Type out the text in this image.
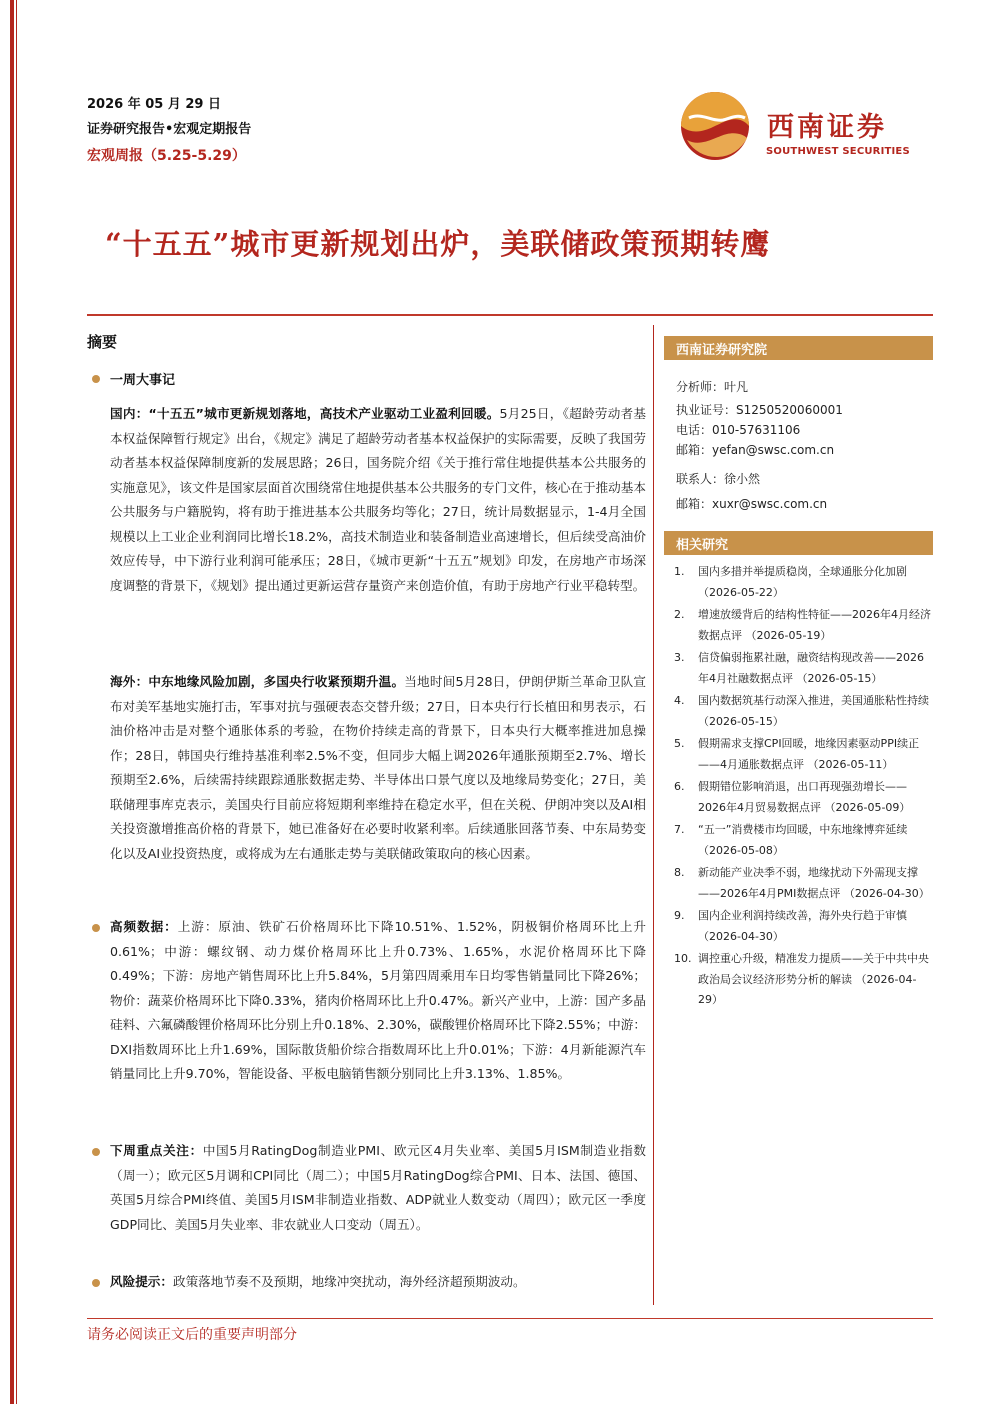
2026 年 05 月 29 日
证券研究报告•宏观定期报告
宏观周报（5.25-5.29）
西南证券
SOUTHWEST SECURITIES
“十五五”城市更新规划出炉，美联储政策预期转鹰
摘要
一周大事记
国内：“十五五”城市更新规划落地，高技术产业驱动工业盈利回暖。5月25日，《超龄劳动者基本权益保障暂行规定》出台，《规定》满足了超龄劳动者基本权益保护的实际需要，反映了我国劳动者基本权益保障制度新的发展思路；26日，国务院介绍《关于推行常住地提供基本公共服务的实施意见》，该文件是国家层面首次围绕常住地提供基本公共服务的专门文件，核心在于推动基本公共服务与户籍脱钩，将有助于推进基本公共服务均等化；27日，统计局数据显示，1-4月全国规模以上工业企业利润同比增长18.2%，高技术制造业和装备制造业高速增长，但后续受高油价效应传导，中下游行业利润可能承压；28日，《城市更新“十五五”规划》印发，在房地产市场深度调整的背景下，《规划》提出通过更新运营存量资产来创造价值，有助于房地产行业平稳转型。
海外：中东地缘风险加剧，多国央行收紧预期升温。当地时间5月28日，伊朗伊斯兰革命卫队宣布对美军基地实施打击，军事对抗与强硬表态交替升级；27日，日本央行行长植田和男表示，石油价格冲击是对整个通胀体系的考验，在物价持续走高的背景下，日本央行大概率推进加息操作；28日，韩国央行维持基准利率2.5%不变，但同步大幅上调2026年通胀预期至2.7%、增长预期至2.6%，后续需持续跟踪通胀数据走势、半导体出口景气度以及地缘局势变化；27日，美联储理事库克表示，美国央行目前应将短期利率维持在稳定水平，但在关税、伊朗冲突以及AI相关投资激增推高价格的背景下，她已准备好在必要时收紧利率。后续通胀回落节奏、中东局势变化以及AI业投资热度，或将成为左右通胀走势与美联储政策取向的核心因素。
高频数据：上游：原油、铁矿石价格周环比下降10.51%、1.52%，阴极铜价格周环比上升0.61%；中游：螺纹钢、动力煤价格周环比上升0.73%、1.65%，水泥价格周环比下降0.49%；下游：房地产销售周环比上升5.84%，5月第四周乘用车日均零售销量同比下降26%；物价：蔬菜价格周环比下降0.33%，猪肉价格周环比上升0.47%。新兴产业中，上游：国产多晶硅料、六氟磷酸锂价格周环比分别上升0.18%、2.30%，碳酸锂价格周环比下降2.55%；中游：DXI指数周环比上升1.69%，国际散货船价综合指数周环比上升0.01%；下游：4月新能源汽车销量同比上升9.70%，智能设备、平板电脑销售额分别同比上升3.13%、1.85%。
下周重点关注：中国5月RatingDog制造业PMI、欧元区4月失业率、美国5月ISM制造业指数（周一）；欧元区5月调和CPI同比（周二）；中国5月RatingDog综合PMI、日本、法国、德国、英国5月综合PMI终值、美国5月ISM非制造业指数、ADP就业人数变动（周四）；欧元区一季度GDP同比、美国5月失业率、非农就业人口变动（周五）。
风险提示：政策落地节奏不及预期，地缘冲突扰动，海外经济超预期波动。
西南证券研究院
分析师：叶凡
执业证号：S1250520060001
电话：010-57631106
邮箱：yefan@swsc.com.cn
联系人：徐小然
邮箱：xuxr@swsc.com.cn
相关研究
1. 国内多措并举提质稳岗，全球通胀分化加剧 （2026-05-22）
2. 增速放缓背后的结构性特征——2026年4月经济数据点评 （2026-05-19）
3. 信贷偏弱拖累社融，融资结构现改善——2026年4月社融数据点评 （2026-05-15）
4. 国内数据筑基行动深入推进，美国通胀粘性持续 （2026-05-15）
5. 假期需求支撑CPI回暖，地缘因素驱动PPI续正——4月通胀数据点评 （2026-05-11）
6. 假期错位影响消退，出口再现强劲增长——2026年4月贸易数据点评 （2026-05-09）
7. “五一”消费楼市均回暖，中东地缘博弈延续 （2026-05-08）
8. 新动能产业决季不弱，地缘扰动下外需现支撑——2026年4月PMI数据点评 （2026-04-30）
9. 国内企业利润持续改善，海外央行趋于审慎 （2026-04-30）
10. 调控重心升级，精准发力提质——关于中共中央政治局会议经济形势分析的解读 （2026-04-29）
请务必阅读正文后的重要声明部分
